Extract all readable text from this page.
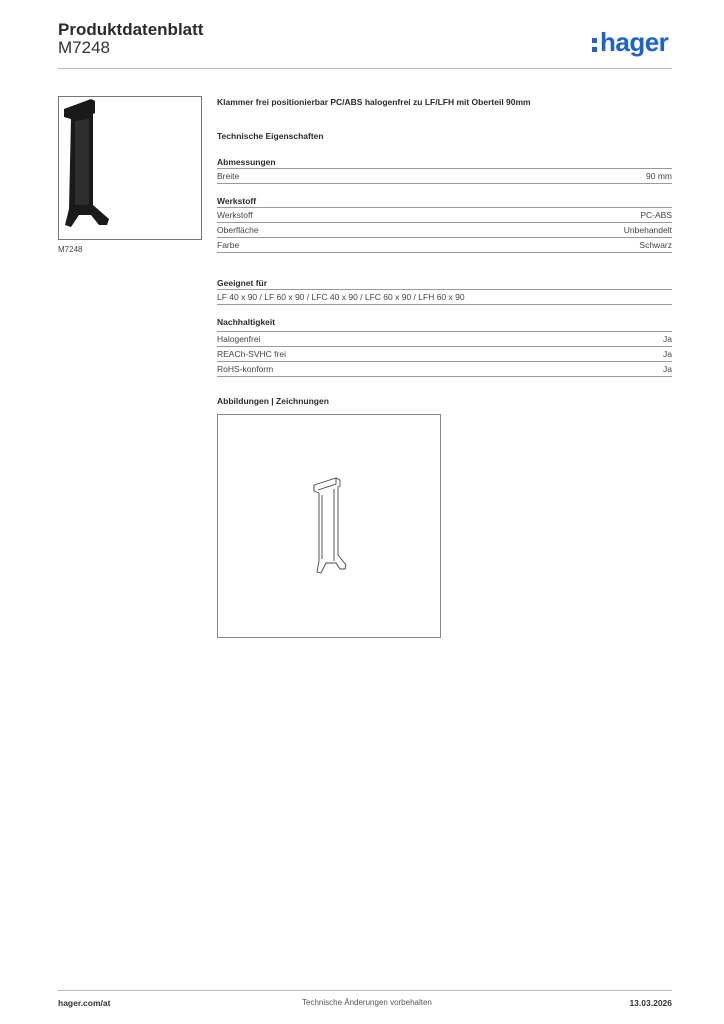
Produktdatenblatt
M7248	hager
M7248
Klammer frei positionierbar PC/ABS halogenfrei zu LF/LFH mit Oberteil 90mm
Technische Eigenschaften
Abmessungen
Breite	90 mm
Werkstoff
Werkstoff	PC-ABS
Oberfläche	Unbehandelt
Farbe	Schwarz
Geeignet für
LF 40 x 90 / LF 60 x 90 / LFC 40 x 90 / LFC 60 x 90 / LFH 60 x 90
Nachhaltigkeit
Halogenfrei	Ja
REACh-SVHC frei	Ja
RoHS-konform	Ja
Abbildungen | Zeichnungen
hager.com/at	Technische Änderungen vorbehalten	13.03.2026
